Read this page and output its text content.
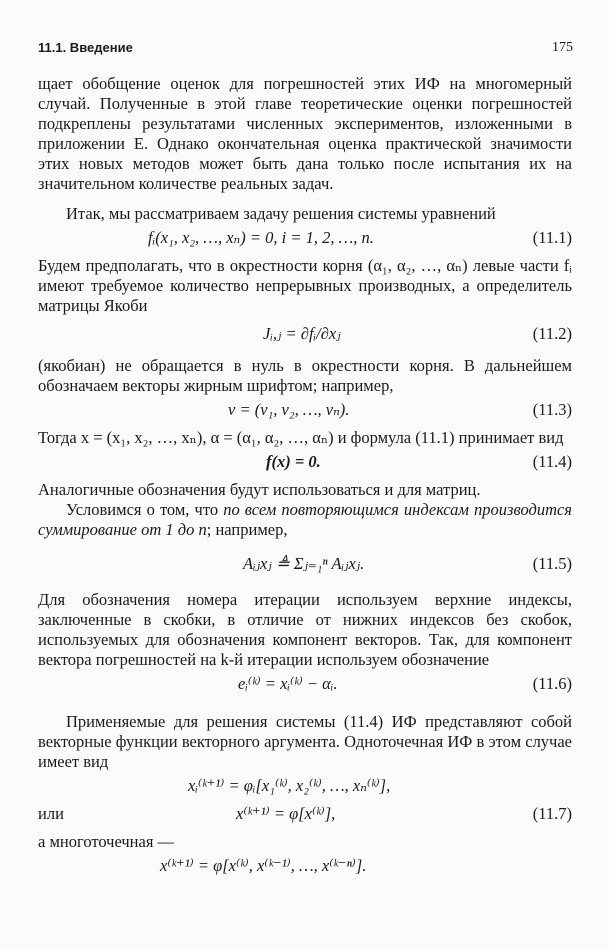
11.1. Введение	175

щает обобщение оценок для погрешностей этих ИФ на многомерный случай. Полученные в этой главе теоретические оценки погрешностей подкреплены результатами численных экспериментов, изложенными в приложении Е. Однако окончательная оценка практической значимости этих новых методов может быть дана только после испытания их на значительном количестве реальных задач.

Итак, мы рассматриваем задачу решения системы уравнений

fᵢ(x₁, x₂, …, xₙ) = 0, i = 1, 2, …, n.	(11.1)

Будем предполагать, что в окрестности корня (α₁, α₂, …, αₙ) левые части fᵢ имеют требуемое количество непрерывных производных, а определитель матрицы Якоби

Jᵢ,ⱼ = ∂fᵢ/∂xⱼ	(11.2)

(якобиан) не обращается в нуль в окрестности корня. В дальнейшем обозначаем векторы жирным шрифтом; например,

v = (v₁, v₂, …, vₙ).	(11.3)

Тогда x = (x₁, x₂, …, xₙ), α = (α₁, α₂, …, αₙ) и формула (11.1) принимает вид

f(x) = 0.	(11.4)

Аналогичные обозначения будут использоваться и для матриц.

Условимся о том, что по всем повторяющимся индексам производится суммирование от 1 до n; например,

Aᵢⱼxⱼ ≜ Σⱼ₌₁ⁿ Aᵢⱼxⱼ.	(11.5)

Для обозначения номера итерации используем верхние индексы, заключенные в скобки, в отличие от нижних индексов без скобок, используемых для обозначения компонент векторов. Так, для компонент вектора погрешностей на k-й итерации используем обозначение

eᵢ⁽ᵏ⁾ = xᵢ⁽ᵏ⁾ − αᵢ.	(11.6)

Применяемые для решения системы (11.4) ИФ представляют собой векторные функции векторного аргумента. Одноточечная ИФ в этом случае имеет вид

xᵢ⁽ᵏ⁺¹⁾ = φᵢ[x₁⁽ᵏ⁾, x₂⁽ᵏ⁾, …, xₙ⁽ᵏ⁾],
или	x⁽ᵏ⁺¹⁾ = φ[x⁽ᵏ⁾],	(11.7)

а многоточечная —

x⁽ᵏ⁺¹⁾ = φ[x⁽ᵏ⁾, x⁽ᵏ⁻¹⁾, …, x⁽ᵏ⁻ⁿ⁾].
